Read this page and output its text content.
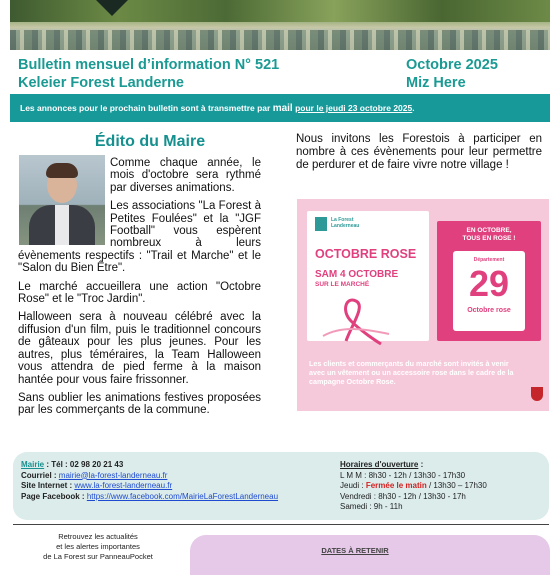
Bulletin mensuel d’information N° 521
Keleier Forest Landerne
Octobre 2025
Miz Here
Les annonces pour le prochain bulletin sont à transmettre par mail pour le jeudi 23 octobre 2025.
Édito du Maire

Comme chaque année, le mois d'octobre sera rythmé par diverses animations.

Les associations "La Forest à Petites Foulées" et la "JGF Football" vous espèrent nombreux à leurs évènements respectifs : "Trail et Marche" et le "Salon du Bien Être".

Le marché accueillera une action "Octobre Rose" et le "Troc Jardin".

Halloween sera à nouveau célébré avec la diffusion d'un film, puis le traditionnel concours de gâteaux pour les plus jeunes. Pour les autres, plus téméraires, la Team Halloween vous attendra de pied ferme à la maison hantée pour vous faire frissonner.

Sans oublier les animations festives proposées par les commerçants de la commune.

Nous invitons les Forestois à participer en nombre à ces évènements pour leur permettre de perdurer et de faire vivre notre village !
La Forest
Landerneau
OCTOBRE ROSE
SAM 4 OCTOBRE
SUR LE MARCHÉ
EN OCTOBRE,
TOUS EN ROSE !
Département
29
Octobre rose
Les clients et commerçants du marché sont invités à venir avec un vêtement ou un accessoire rose dans le cadre de la campagne Octobre Rose.
Mairie : Tél : 02 98 20 21 43
Courriel : mairie@la-forest-landerneau.fr
Site Internet : www.la-forest-landerneau.fr
Page Facebook : https://www.facebook.com/MairieLaForestLanderneau
Horaires d'ouverture :
L M M : 8h30 - 12h / 13h30 - 17h30
Jeudi : Fermée le matin / 13h30 – 17h30
Vendredi : 8h30 - 12h / 13h30 - 17h
Samedi : 9h - 11h
Retrouvez les actualités
et les alertes importantes
de La Forest sur PanneauPocket
DATES À RETENIR
